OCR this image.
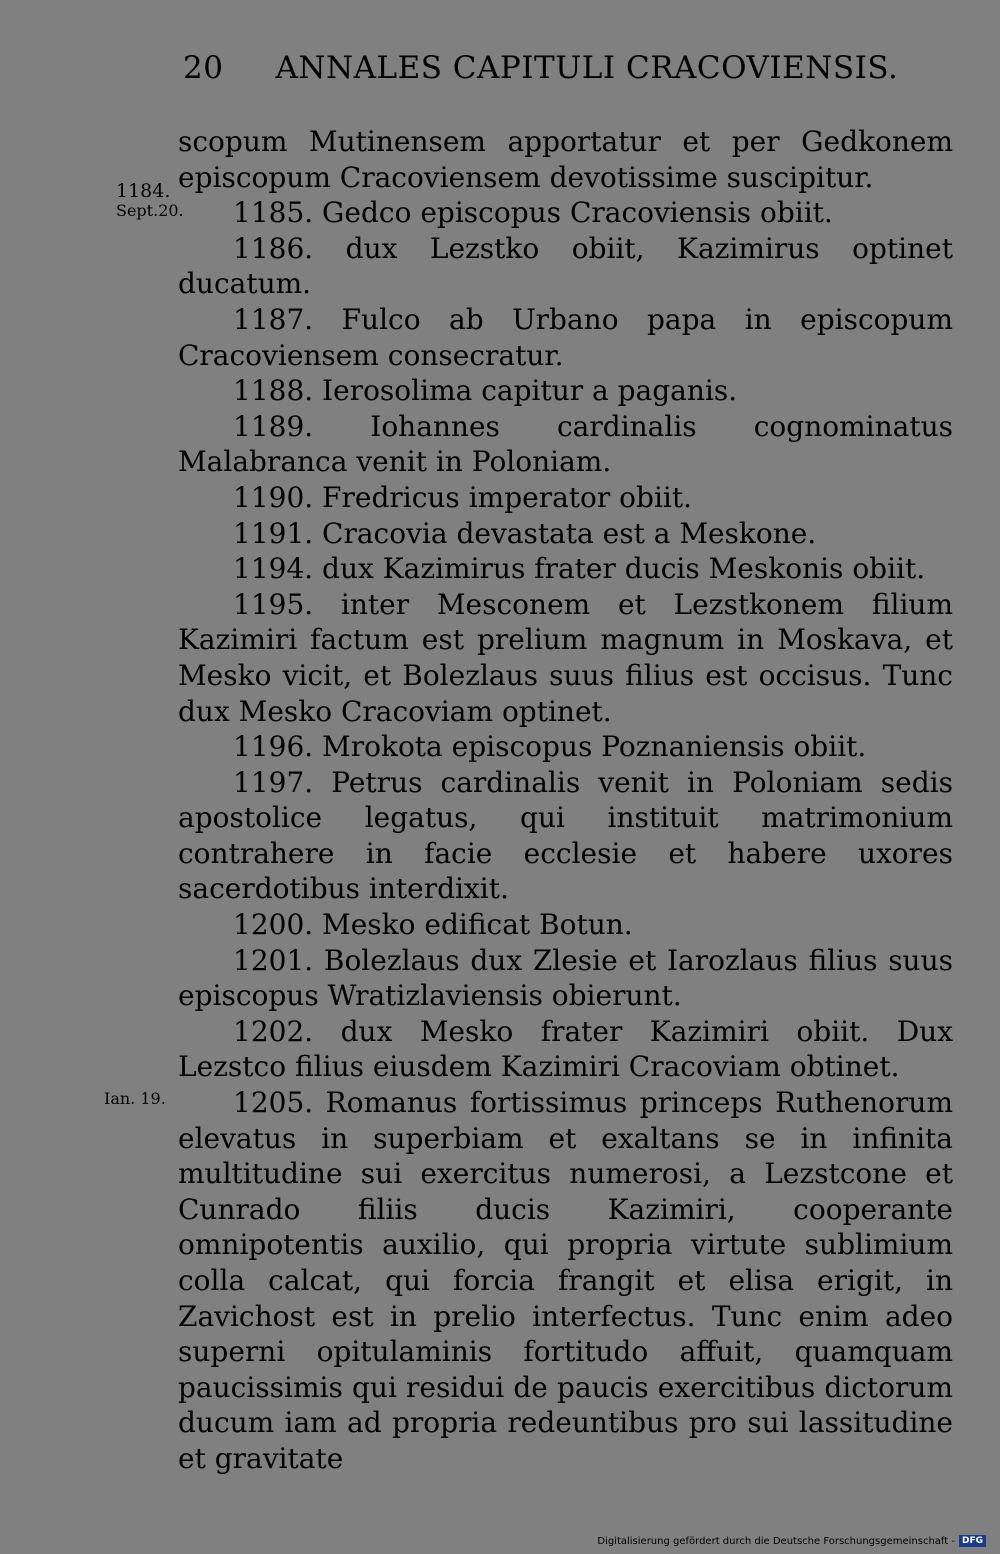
20 ANNALES CAPITULI CRACOVIENSIS.
1184.
Sept.20.
Ian. 19.

scopum Mutinensem apportatur et per Gedkonem episcopum Cracoviensem devotissime suscipitur.

1185. Gedco episcopus Cracoviensis obiit.

1186. dux Lezstko obiit, Kazimirus optinet ducatum.

1187. Fulco ab Urbano papa in episcopum Cracoviensem consecratur.

1188. Ierosolima capitur a paganis.

1189. Iohannes cardinalis cognominatus Malabranca venit in Poloniam.

1190. Fredricus imperator obiit.

1191. Cracovia devastata est a Meskone.

1194. dux Kazimirus frater ducis Meskonis obiit.

1195. inter Mesconem et Lezstkonem filium Kazimiri factum est prelium magnum in Moskava, et Mesko vicit, et Bolezlaus suus filius est occisus. Tunc dux Mesko Cracoviam optinet.

1196. Mrokota episcopus Poznaniensis obiit.

1197. Petrus cardinalis venit in Poloniam sedis apostolice legatus, qui instituit matrimonium contrahere in facie ecclesie et habere uxores sacerdotibus interdixit.

1200. Mesko edificat Botun.

1201. Bolezlaus dux Zlesie et Iarozlaus filius suus episcopus Wratizlaviensis obierunt.

1202. dux Mesko frater Kazimiri obiit. Dux Lezstco filius eiusdem Kazimiri Cracoviam obtinet.

1205. Romanus fortissimus princeps Ruthenorum elevatus in superbiam et exaltans se in infinita multitudine sui exercitus numerosi, a Lezstcone et Cunrado filiis ducis Kazimiri, cooperante omnipotentis auxilio, qui propria virtute sublimium colla calcat, qui forcia frangit et elisa erigit, in Zavichost est in prelio interfectus. Tunc enim adeo superni opitulaminis fortitudo affuit, quamquam paucissimis qui residui de paucis exercitibus dictorum ducum iam ad propria redeuntibus pro sui lassitudine et gravitate

Digitalisierung gefördert durch die Deutsche Forschungsgemeinschaft - DFG
